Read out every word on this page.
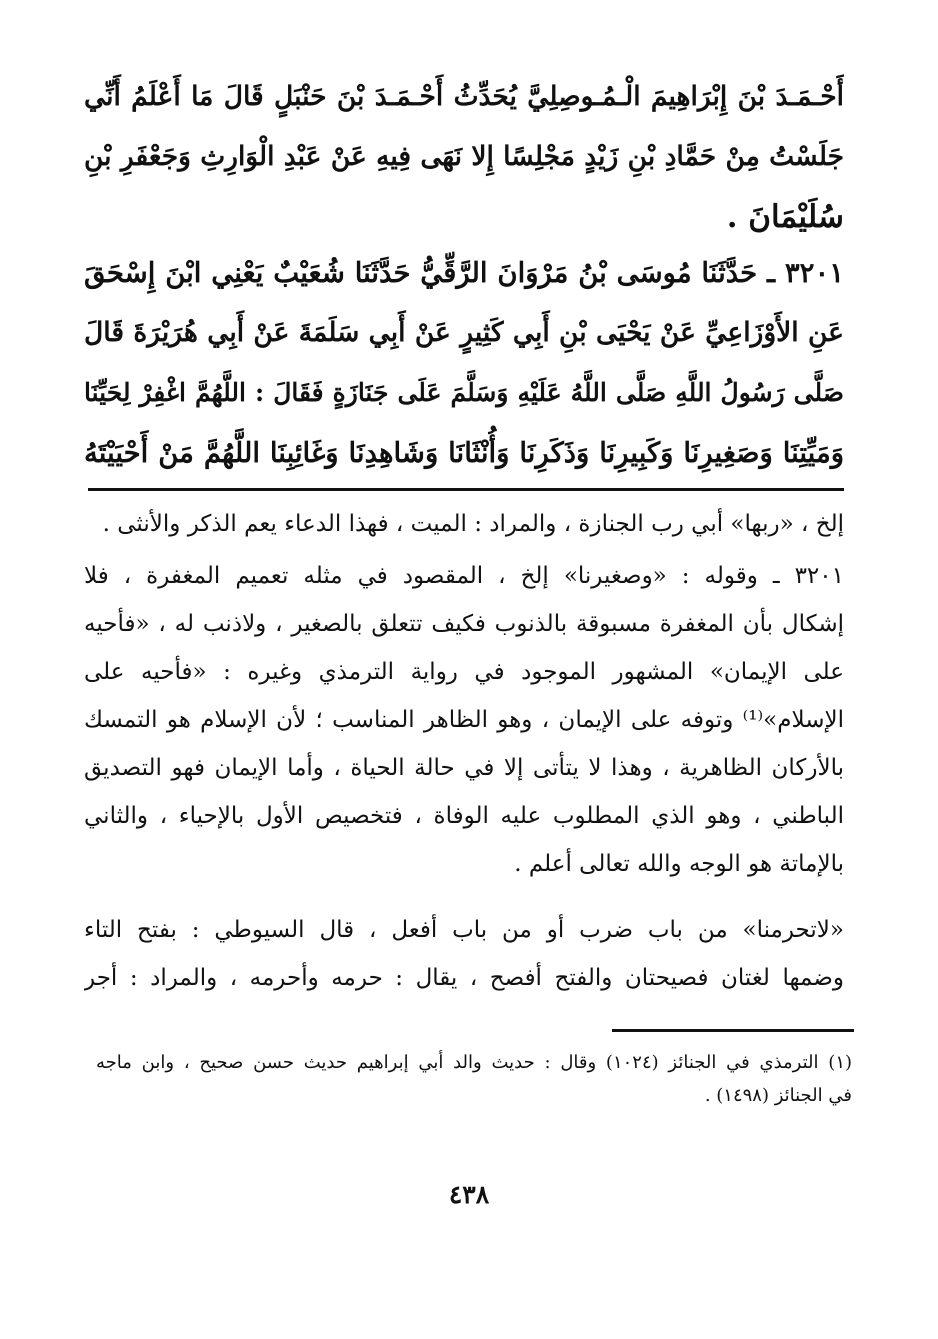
أَحْـمَـدَ بْنَ إِبْرَاهِيمَ الْـمُـوصِلِيَّ يُحَدِّثُ أَحْـمَـدَ بْنَ حَنْبَلٍ قَالَ مَا أَعْلَمُ أَنِّي
جَلَسْتُ مِنْ حَمَّادِ بْنِ زَيْدٍ مَجْلِسًا إِلا نَهَى فِيهِ عَنْ عَبْدِ الْوَارِثِ وَجَعْفَرِ بْنِ
سُلَيْمَانَ .
٣٢٠١ ـ حَدَّثَنَا مُوسَى بْنُ مَرْوَانَ الرَّقِّيُّ حَدَّثَنَا شُعَيْبٌ يَعْنِي ابْنَ إِسْحَقَ
عَنِ الأَوْزَاعِيِّ عَنْ يَحْيَى بْنِ أَبِي كَثِيرٍ عَنْ أَبِي سَلَمَةَ عَنْ أَبِي هُرَيْرَةَ قَالَ
صَلَّى رَسُولُ اللَّهِ صَلَّى اللَّهُ عَلَيْهِ وَسَلَّمَ عَلَى جَنَازَةٍ فَقَالَ : اللَّهُمَّ اغْفِرْ لِحَيِّنَا
وَمَيِّتِنَا وَصَغِيرِنَا وَكَبِيرِنَا وَذَكَرِنَا وَأُنْثَانَا وَشَاهِدِنَا وَغَائِبِنَا اللَّهُمَّ مَنْ أَحْيَيْتَهُ
إلخ ، «ربها» أبي رب الجنازة ، والمراد : الميت ، فهذا الدعاء يعم الذكر والأنثى .
٣٢٠١ ـ وقوله : «وصغيرنا» إلخ ، المقصود في مثله تعميم المغفرة ، فلا
إشكال بأن المغفرة مسبوقة بالذنوب فكيف تتعلق بالصغير ، ولاذنب له ، «فأحيه
على الإيمان» المشهور الموجود في رواية الترمذي وغيره : «فأحيه على
الإسلام»⁽¹⁾ وتوفه على الإيمان ، وهو الظاهر المناسب ؛ لأن الإسلام هو التمسك
بالأركان الظاهرية ، وهذا لا يتأتى إلا في حالة الحياة ، وأما الإيمان فهو التصديق
الباطني ، وهو الذي المطلوب عليه الوفاة ، فتخصيص الأول بالإحياء ، والثاني
بالإماتة هو الوجه والله تعالى أعلم .
«لاتحرمنا» من باب ضرب أو من باب أفعل ، قال السيوطي : بفتح التاء
وضمها لغتان فصيحتان والفتح أفصح ، يقال : حرمه وأحرمه ، والمراد : أجر
(١) الترمذي في الجنائز (١٠٢٤) وقال : حديث والد أبي إبراهيم حديث حسن صحيح ، وابن ماجه
في الجنائز (١٤٩٨) .
٤٣٨
